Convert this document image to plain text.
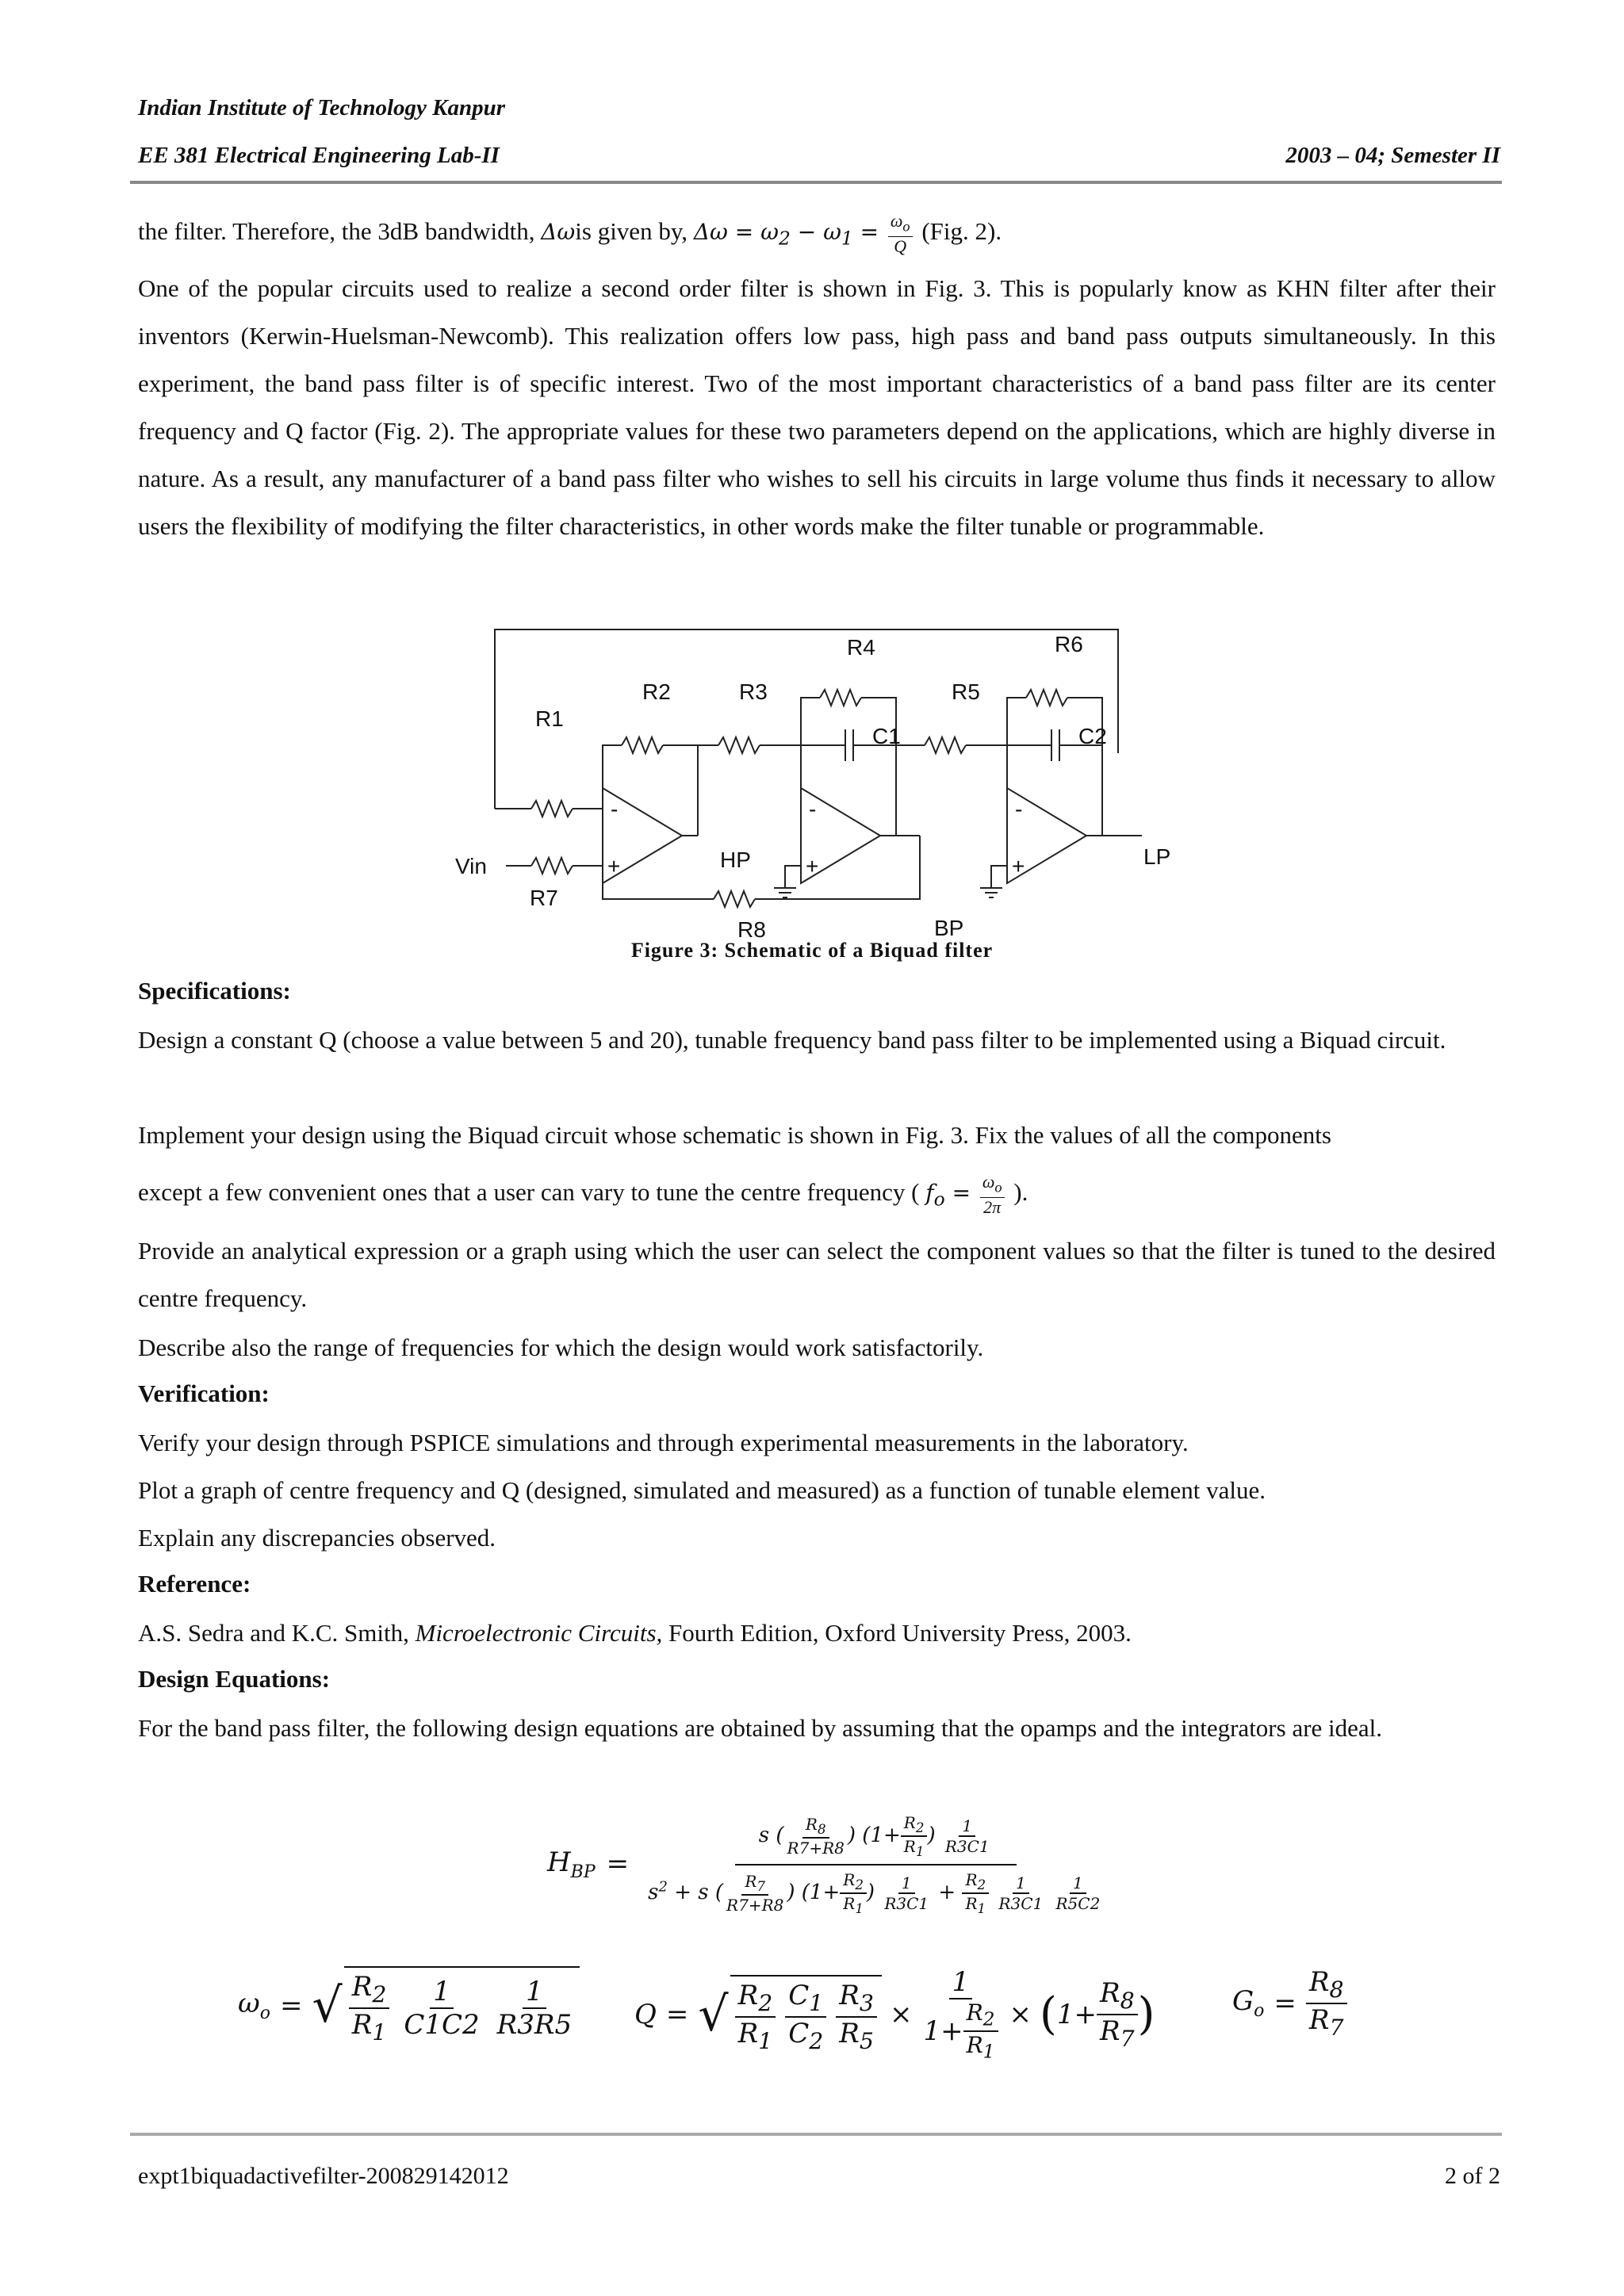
Indian Institute of Technology Kanpur
EE 381 Electrical Engineering Lab-II	2003 – 04; Semester II
the filter. Therefore, the 3dB bandwidth, Δωis given by, $\Delta\omega = \omega_2 - \omega_1 = \frac{\omega_o}{Q} (Fig$. 2).
One of the popular circuits used to realize a second order filter is shown in Fig. 3. This is popularly know as KHN filter after their inventors (Kerwin-Huelsman-Newcomb). This realization offers low pass, high pass and band pass outputs simultaneously. In this experiment, the band pass filter is of specific interest. Two of the most important characteristics of a band pass filter are its center frequency and Q factor (Fig. 2). The appropriate values for these two parameters depend on the applications, which are highly diverse in nature. As a result, any manufacturer of a band pass filter who wishes to sell his circuits in large volume thus finds it necessary to allow users the flexibility of modifying the filter characteristics, in other words make the filter tunable or programmable.
R1
R7
R2	R3
R4
R5
R6
R8
C1	C2
Vin	HP
BP
LP
-
+
-
+
-
+
Figure 3: Schematic of a Biquad filter
Specifications:
Design a constant Q (choose a value between 5 and 20), tunable frequency band pass filter to be implemented using a Biquad circuit.
Implement your design using the Biquad circuit whose schematic is shown in Fig. 3. Fix the values of all the components
except a few convenient ones that a user can vary to tune the centre frequency ( $f_o = \frac{\omega_o}{2\pi}$ ).
Provide an analytical expression or a graph using which the user can select the component values so that the filter is tuned to the desired centre frequency.
Describe also the range of frequencies for which the design would work satisfactorily.
Verification:
Verify your design through PSPICE simulations and through experimental measurements in the laboratory.
Plot a graph of centre frequency and Q (designed, simulated and measured) as a function of tunable element value.
Explain any discrepancies observed.
Reference:
A.S. Sedra and K.C. Smith, Microelectronic Circuits, Fourth Edition, Oxford University Press, 2003.
Design Equations:
For the band pass filter, the following design equations are obtained by assuming that the opamps and the integrators are ideal.
$H_{BP}$ =
s ( $\frac{R_8}{R7+R8}$ ) ($1+ \frac{R_2}{R_1}$ ) $\frac{1}{R3C1}$
$s^2 + s$ ( $\frac{R_7}{R7+R8}$ ) ($1+ \frac{R_2}{R_1}$ ) $\frac{1}{R3C1} + \frac{R_2}{R_1}$
$\frac{1}{R3C1}$
$\frac{1}{R5C2}$
$\omega_o$ = √ $\frac{R_2}{R_1} \frac{1}{C1C2} \frac{1}{R3R5}$ Q = √ $\frac{R_2}{R_1} \frac{C_1}{C_2} \frac{R_3}{R_5} \times \frac{1}{1+ \frac{R_2}{R_1}}$ × ( $1+ \frac{R_8}{R_7}$ )	$G_o = \frac{R_8}{R_7}$
expt1biquadactivefilter-200829142012	2 of 2
